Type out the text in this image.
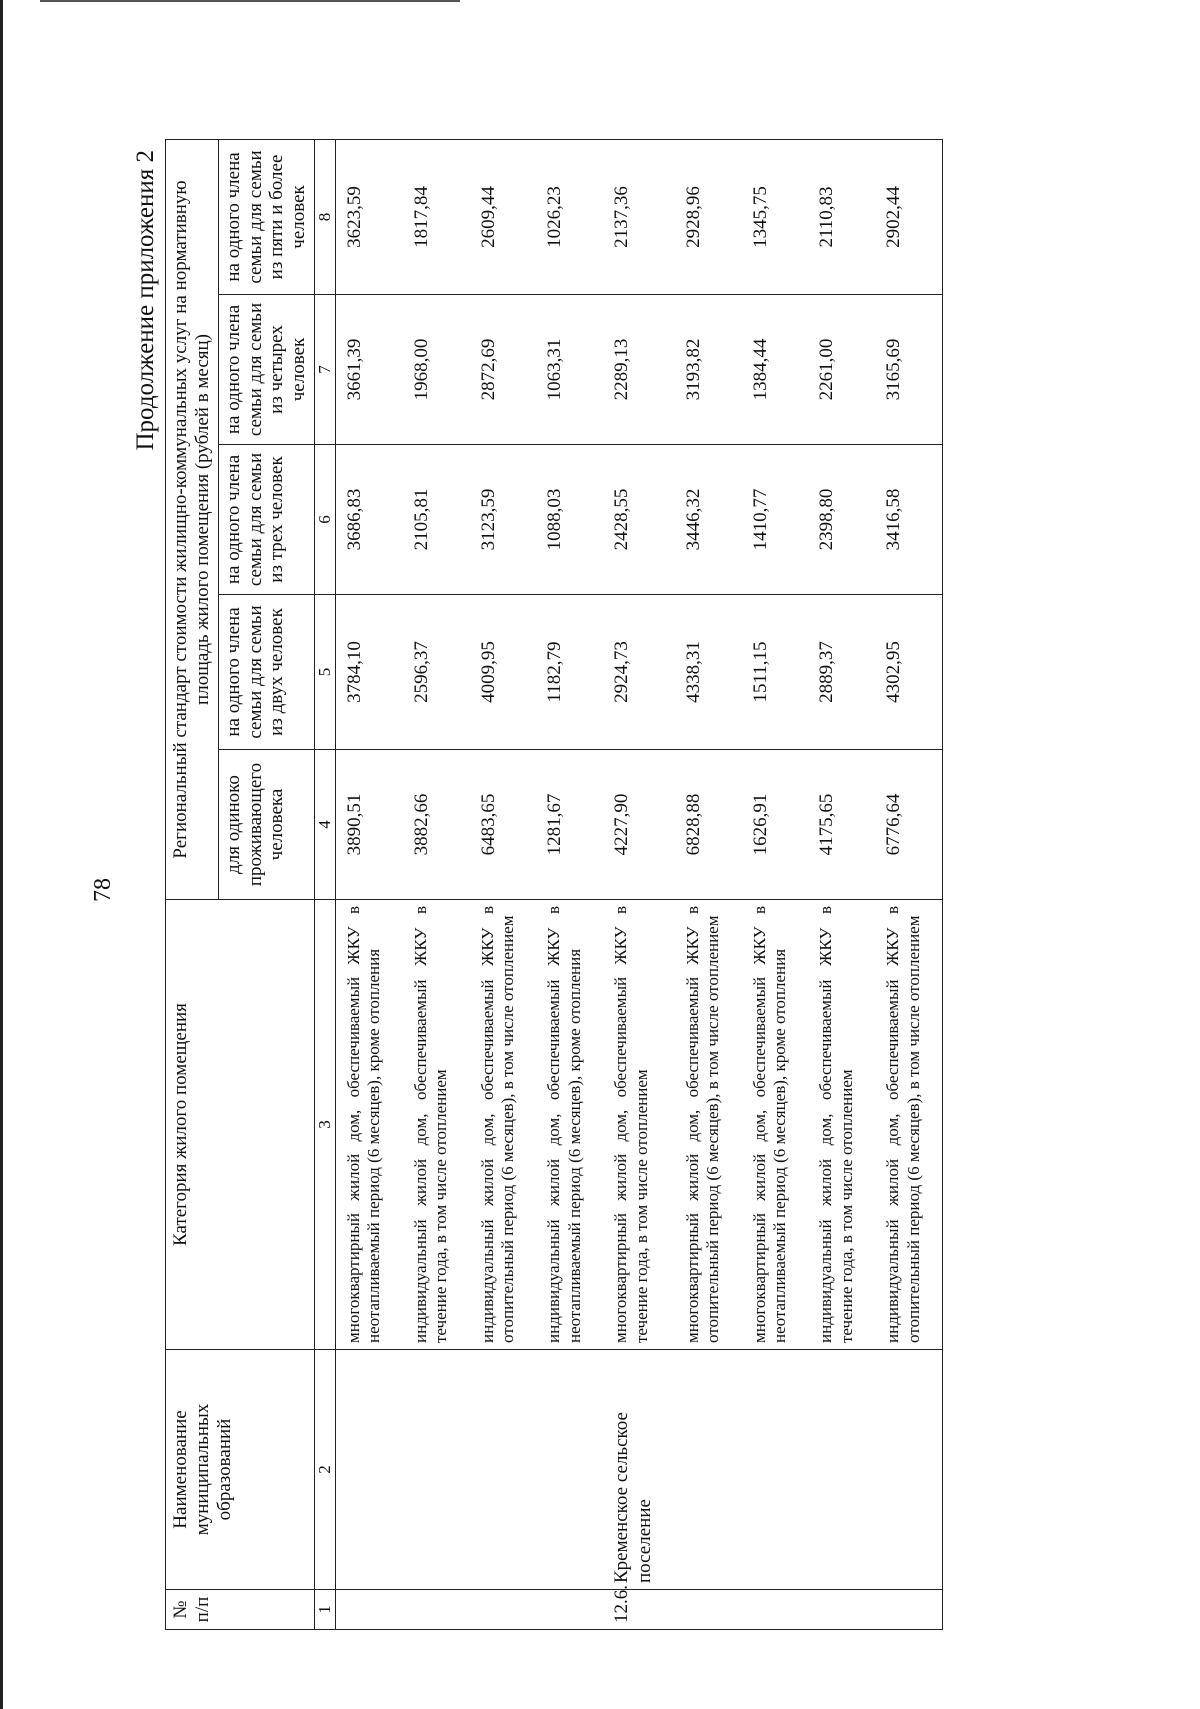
78
Продолжение приложения 2
№ п/п	Наименование муниципальных образований	Категория жилого помещения	Региональный стандарт стоимости жилищно-коммунальных услуг на нормативную площадь жилого помещения (рублей в месяц)				
			для одиноко проживающего человека	на одного члена семьи для семьи из двух человек	на одного члена семьи для семьи из трех человек	на одного члена семьи для семьи из четырех человек	на одного члена семьи для семьи из пяти и более человек
1	2	3	4	5	6	7	8
		многоквартирный жилой дом, обеспечиваемый ЖКУ в неотапливаемый период (6 месяцев), кроме отопления	3890,51	3784,10	3686,83	3661,39	3623,59
		индивидуальный жилой дом, обеспечиваемый ЖКУ в течение года, в том числе отоплением	3882,66	2596,37	2105,81	1968,00	1817,84
		индивидуальный жилой дом, обеспечиваемый ЖКУ в отопительный период (6 месяцев), в том числе отоплением	6483,65	4009,95	3123,59	2872,69	2609,44
		индивидуальный жилой дом, обеспечиваемый ЖКУ в неотапливаемый период (6 месяцев), кроме отопления	1281,67	1182,79	1088,03	1063,31	1026,23
12.6.	Кременское сельское поселение	многоквартирный жилой дом, обеспечиваемый ЖКУ в течение года, в том числе отоплением	4227,90	2924,73	2428,55	2289,13	2137,36
		многоквартирный жилой дом, обеспечиваемый ЖКУ в отопительный период (6 месяцев), в том числе отоплением	6828,88	4338,31	3446,32	3193,82	2928,96
		многоквартирный жилой дом, обеспечиваемый ЖКУ в неотапливаемый период (6 месяцев), кроме отопления	1626,91	1511,15	1410,77	1384,44	1345,75
		индивидуальный жилой дом, обеспечиваемый ЖКУ в течение года, в том числе отоплением	4175,65	2889,37	2398,80	2261,00	2110,83
		индивидуальный жилой дом, обеспечиваемый ЖКУ в отопительный период (6 месяцев), в том числе отоплением	6776,64	4302,95	3416,58	3165,69	2902,44
